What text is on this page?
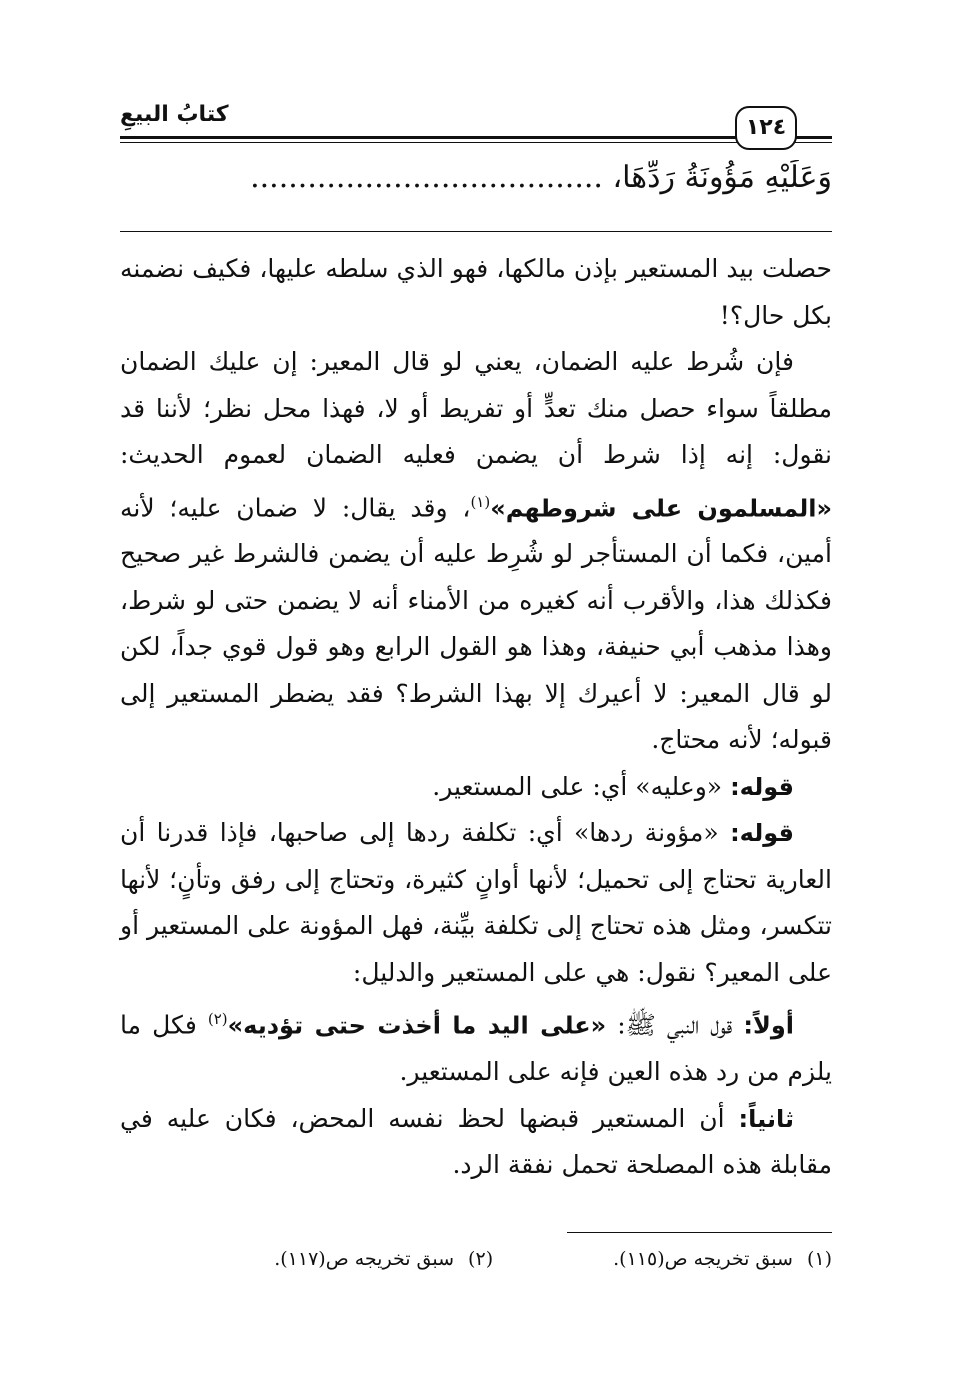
كتابُ البيعِ
١٢٤
وَعَلَيْهِ مَؤُونَةُ رَدِّهَا، .....................................

حصلت بيد المستعير بإذن مالكها، فهو الذي سلطه عليها، فكيف نضمنه بكل حال؟!

فإن شُرط عليه الضمان، يعني لو قال المعير: إن عليك الضمان مطلقاً سواء حصل منك تعدٍّ أو تفريط أو لا، فهذا محل نظر؛ لأننا قد نقول: إنه إذا شرط أن يضمن فعليه الضمان لعموم الحديث: «المسلمون على شروطهم»$^{(١)}$، وقد يقال: لا ضمان عليه؛ لأنه أمين، فكما أن المستأجر لو شُرِط عليه أن يضمن فالشرط غير صحيح فكذلك هذا، والأقرب أنه كغيره من الأمناء أنه لا يضمن حتى لو شرط، وهذا مذهب أبي حنيفة، وهذا هو القول الرابع وهو قول قوي جداً، لكن لو قال المعير: لا أعيرك إلا بهذا الشرط؟ فقد يضطر المستعير إلى قبوله؛ لأنه محتاج.

قوله: «وعليه» أي: على المستعير.

قوله: «مؤونة ردها» أي: تكلفة ردها إلى صاحبها، فإذا قدرنا أن العارية تحتاج إلى تحميل؛ لأنها أوانٍ كثيرة، وتحتاج إلى رفق وتأنٍ؛ لأنها تتكسر، ومثل هذه تحتاج إلى تكلفة بيِّنة، فهل المؤونة على المستعير أو على المعير؟ نقول: هي على المستعير والدليل:

أولاً: قول النبي ﷺ: «على اليد ما أخذت حتى تؤديه»$^{(٢)}$ فكل ما يلزم من رد هذه العين فإنه على المستعير.

ثانياً: أن المستعير قبضها لحظ نفسه المحض، فكان عليه في مقابلة هذه المصلحة تحمل نفقة الرد.

(١)
سبق تخريجه ص(١١٥).
(٢)
سبق تخريجه ص(١١٧).
